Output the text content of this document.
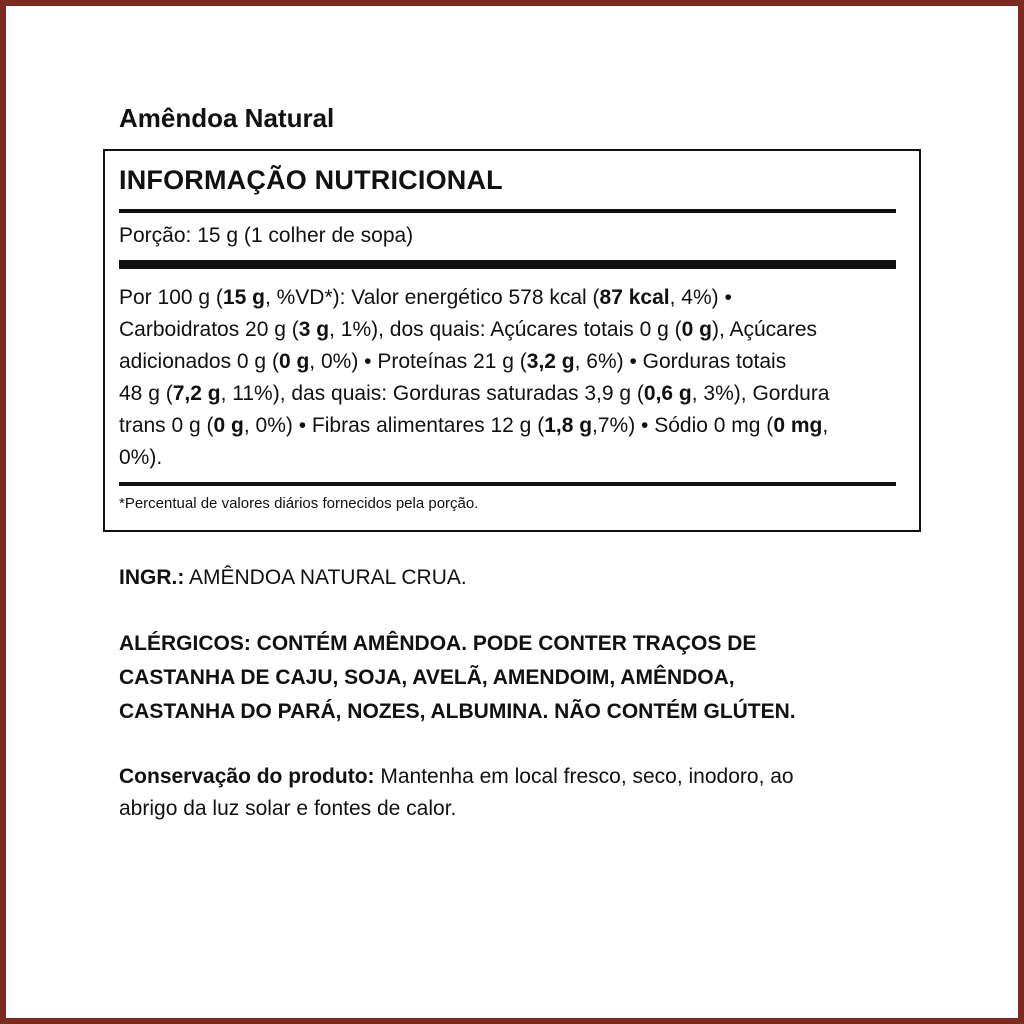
Amêndoa Natural
INFORMAÇÃO NUTRICIONAL
Porção: 15 g (1 colher de sopa)
Por 100 g (15 g, %VD*): Valor energético 578 kcal (87 kcal, 4%) •
Carboidratos 20 g (3 g, 1%), dos quais: Açúcares totais 0 g (0 g), Açúcares
adicionados 0 g (0 g, 0%) • Proteínas 21 g (3,2 g, 6%) • Gorduras totais
48 g (7,2 g, 11%), das quais: Gorduras saturadas 3,9 g (0,6 g, 3%), Gordura
trans 0 g (0 g, 0%) • Fibras alimentares 12 g (1,8 g,7%) • Sódio 0 mg (0 mg,
0%).
*Percentual de valores diários fornecidos pela porção.
INGR.: AMÊNDOA NATURAL CRUA.
ALÉRGICOS: CONTÉM AMÊNDOA. PODE CONTER TRAÇOS DE
CASTANHA DE CAJU, SOJA, AVELÃ, AMENDOIM, AMÊNDOA,
CASTANHA DO PARÁ, NOZES, ALBUMINA. NÃO CONTÉM GLÚTEN.
Conservação do produto: Mantenha em local fresco, seco, inodoro, ao
abrigo da luz solar e fontes de calor.
